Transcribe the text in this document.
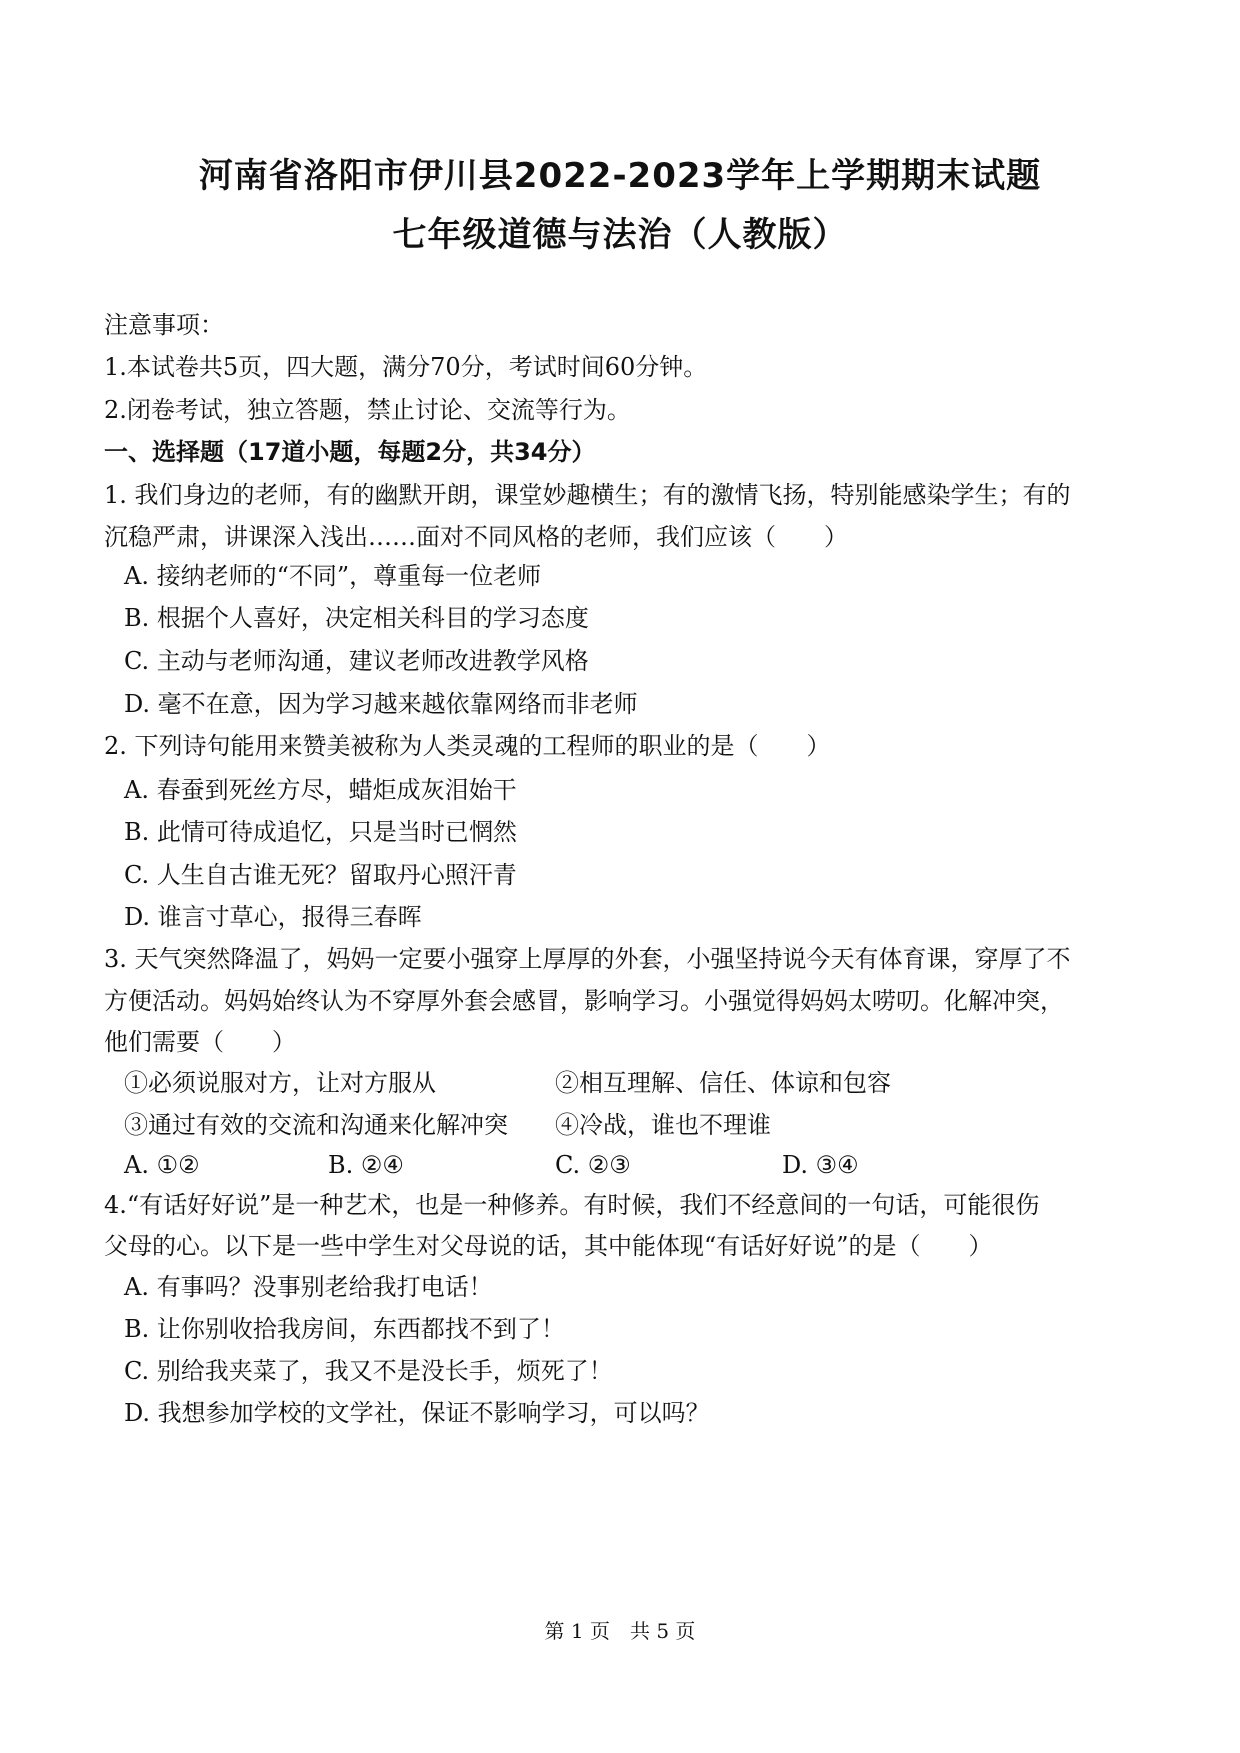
河南省洛阳市伊川县2022-2023学年上学期期末试题
七年级道德与法治（人教版）
注意事项：
1.本试卷共5页，四大题，满分70分，考试时间60分钟。
2.闭卷考试，独立答题，禁止讨论、交流等行为。
一、选择题（17道小题，每题2分，共34分）
1. 我们身边的老师，有的幽默开朗，课堂妙趣横生；有的激情飞扬，特别能感染学生；有的
沉稳严肃，讲课深入浅出……面对不同风格的老师，我们应该（　　）
A. 接纳老师的“不同”，尊重每一位老师
B. 根据个人喜好，决定相关科目的学习态度
C. 主动与老师沟通，建议老师改进教学风格
D. 毫不在意，因为学习越来越依靠网络而非老师
2. 下列诗句能用来赞美被称为人类灵魂的工程师的职业的是（　　）
A. 春蚕到死丝方尽，蜡炬成灰泪始干
B. 此情可待成追忆，只是当时已惘然
C. 人生自古谁无死？留取丹心照汗青
D. 谁言寸草心，报得三春晖
3. 天气突然降温了，妈妈一定要小强穿上厚厚的外套，小强坚持说今天有体育课，穿厚了不
方便活动。妈妈始终认为不穿厚外套会感冒，影响学习。小强觉得妈妈太唠叨。化解冲突，
他们需要（　　）
①必须说服对方，让对方服从	②相互理解、信任、体谅和包容
③通过有效的交流和沟通来化解冲突 ④冷战，谁也不理谁
A. ①②	B. ②④	C. ②③	D. ③④
4.“有话好好说”是一种艺术，也是一种修养。有时候，我们不经意间的一句话，可能很伤
父母的心。以下是一些中学生对父母说的话，其中能体现“有话好好说”的是（　　）
A. 有事吗？没事别老给我打电话！
B. 让你别收拾我房间，东西都找不到了！
C. 别给我夹菜了，我又不是没长手，烦死了！
D. 我想参加学校的文学社，保证不影响学习，可以吗？
第 1 页　共 5 页
